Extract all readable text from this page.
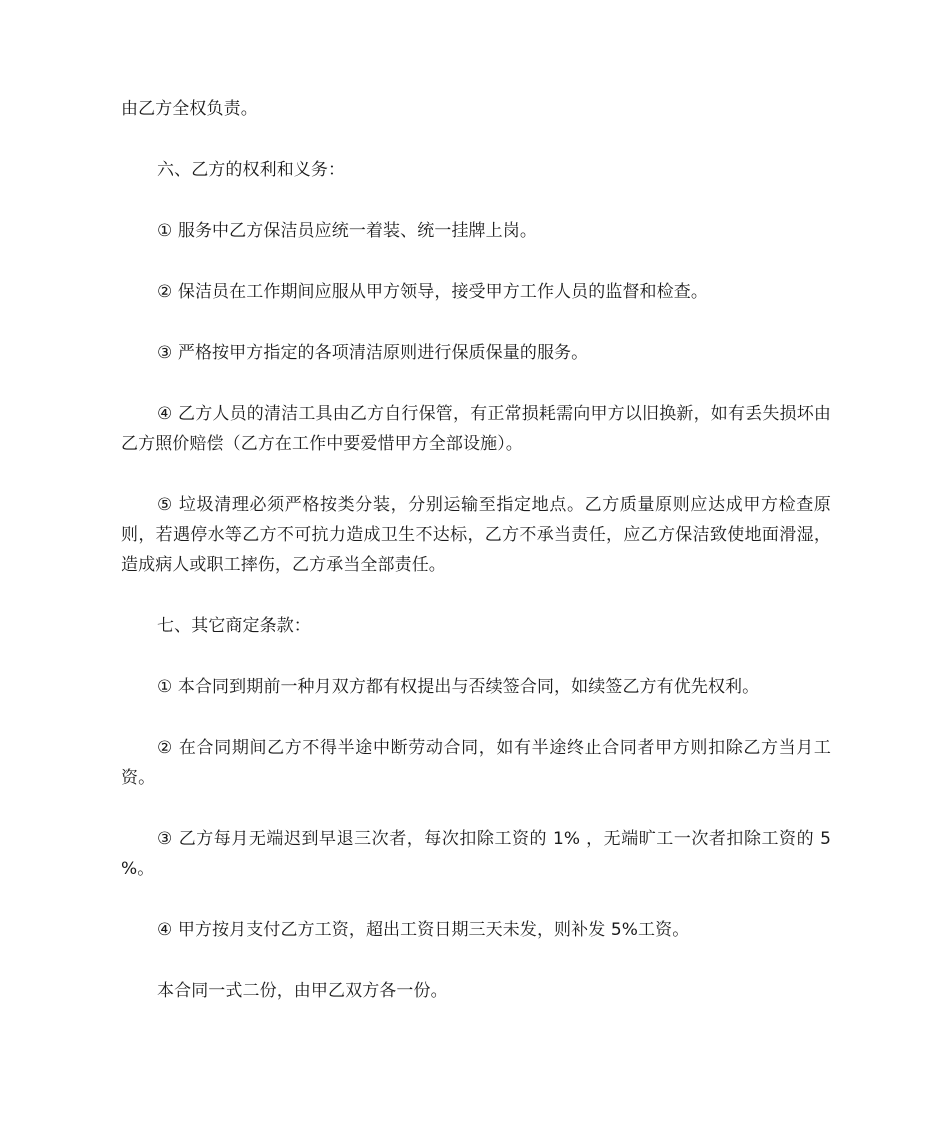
由乙方全权负责。

六、乙方的权利和义务：

① 服务中乙方保洁员应统一着装、统一挂牌上岗。

② 保洁员在工作期间应服从甲方领导，接受甲方工作人员的监督和检查。

③ 严格按甲方指定的各项清洁原则进行保质保量的服务。

④ 乙方人员的清洁工具由乙方自行保管，有正常损耗需向甲方以旧换新，如有丢失损坏由乙方照价赔偿（乙方在工作中要爱惜甲方全部设施）。

⑤ 垃圾清理必须严格按类分装，分别运输至指定地点。乙方质量原则应达成甲方检查原则，若遇停水等乙方不可抗力造成卫生不达标，乙方不承当责任，应乙方保洁致使地面滑湿，造成病人或职工摔伤，乙方承当全部责任。

七、其它商定条款：

① 本合同到期前一种月双方都有权提出与否续签合同，如续签乙方有优先权利。

② 在合同期间乙方不得半途中断劳动合同，如有半途终止合同者甲方则扣除乙方当月工资。

③ 乙方每月无端迟到早退三次者，每次扣除工资的 1% ，无端旷工一次者扣除工资的 5 %。

④ 甲方按月支付乙方工资，超出工资日期三天未发，则补发 5%工资。

本合同一式二份，由甲乙双方各一份。
